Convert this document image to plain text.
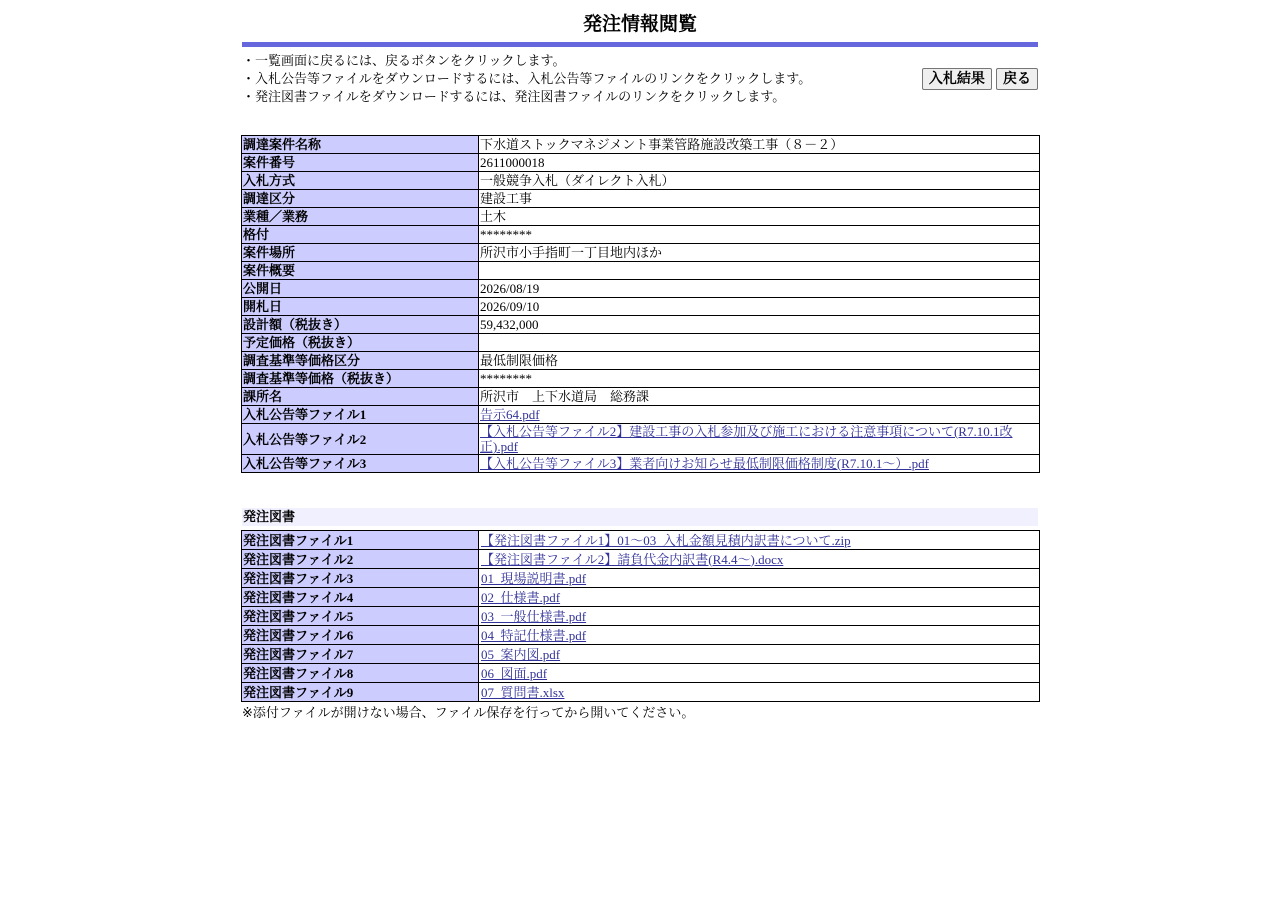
発注情報閲覧
・一覧画面に戻るには、戻るボタンをクリックします。
・入札公告等ファイルをダウンロードするには、入札公告等ファイルのリンクをクリックします。
・発注図書ファイルをダウンロードするには、発注図書ファイルのリンクをクリックします。
入札結果 戻る
調達案件名称	下水道ストックマネジメント事業管路施設改築工事（８－２）
案件番号	2611000018
入札方式	一般競争入札（ダイレクト入札）
調達区分	建設工事
業種／業務	土木
格付	********
案件場所	所沢市小手指町一丁目地内ほか
案件概要	
公開日	2026/08/19
開札日	2026/09/10
設計額（税抜き）	59,432,000
予定価格（税抜き）	
調査基準等価格区分	最低制限価格
調査基準等価格（税抜き）	********
課所名	所沢市　上下水道局　総務課
入札公告等ファイル1	告示64.pdf
入札公告等ファイル2	【入札公告等ファイル2】建設工事の入札参加及び施工における注意事項について(R7.10.1改正).pdf
入札公告等ファイル3	【入札公告等ファイル3】業者向けお知らせ最低制限価格制度(R7.10.1～）.pdf
発注図書
発注図書ファイル1	【発注図書ファイル1】01～03_入札金額見積内訳書について.zip
発注図書ファイル2	【発注図書ファイル2】請負代金内訳書(R4.4～).docx
発注図書ファイル3	01_現場説明書.pdf
発注図書ファイル4	02_仕様書.pdf
発注図書ファイル5	03_一般仕様書.pdf
発注図書ファイル6	04_特記仕様書.pdf
発注図書ファイル7	05_案内図.pdf
発注図書ファイル8	06_図面.pdf
発注図書ファイル9	07_質問書.xlsx
※添付ファイルが開けない場合、ファイル保存を行ってから開いてください。
